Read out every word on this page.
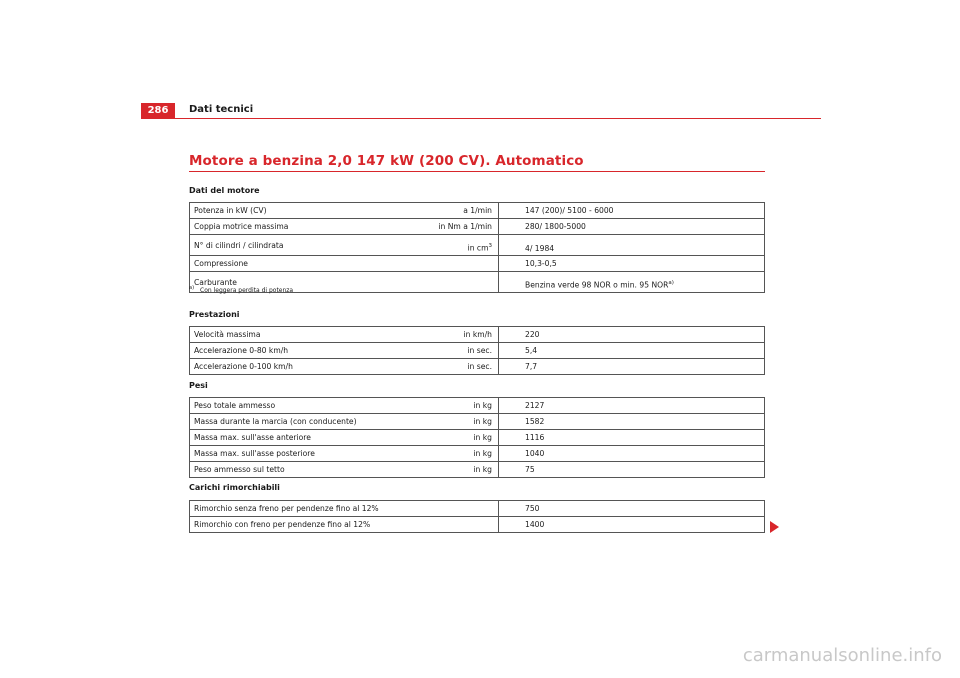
286	Dati tecnici
Motore a benzina 2,0 147 kW (200 CV). Automatico
Dati del motore
Potenza in kW (CV)	a 1/min	147 (200)/ 5100 - 6000
Coppia motrice massima	in Nm a 1/min	280/ 1800-5000
N° di cilindri / cilindrata	in $cm^3$	4/ 1984
Compressione		10,3-0,5
Carburante		Benzina verde 98 NOR o min. 95 NOR$^{a)}$
$^{a)}$ Con leggera perdita di potenza
Prestazioni
Velocità massima	in km/h	220
Accelerazione 0-80 km/h	in sec.	5,4
Accelerazione 0-100 km/h	in sec.	7,7
Pesi
Peso totale ammesso	in kg	2127
Massa durante la marcia (con conducente)	in kg	1582
Massa max. sull'asse anteriore	in kg	1116
Massa max. sull'asse posteriore	in kg	1040
Peso ammesso sul tetto	in kg	75
Carichi rimorchiabili
Rimorchio senza freno per pendenze fino al 12%	750
Rimorchio con freno per pendenze fino al 12%	1400
carmanualsonline.info
